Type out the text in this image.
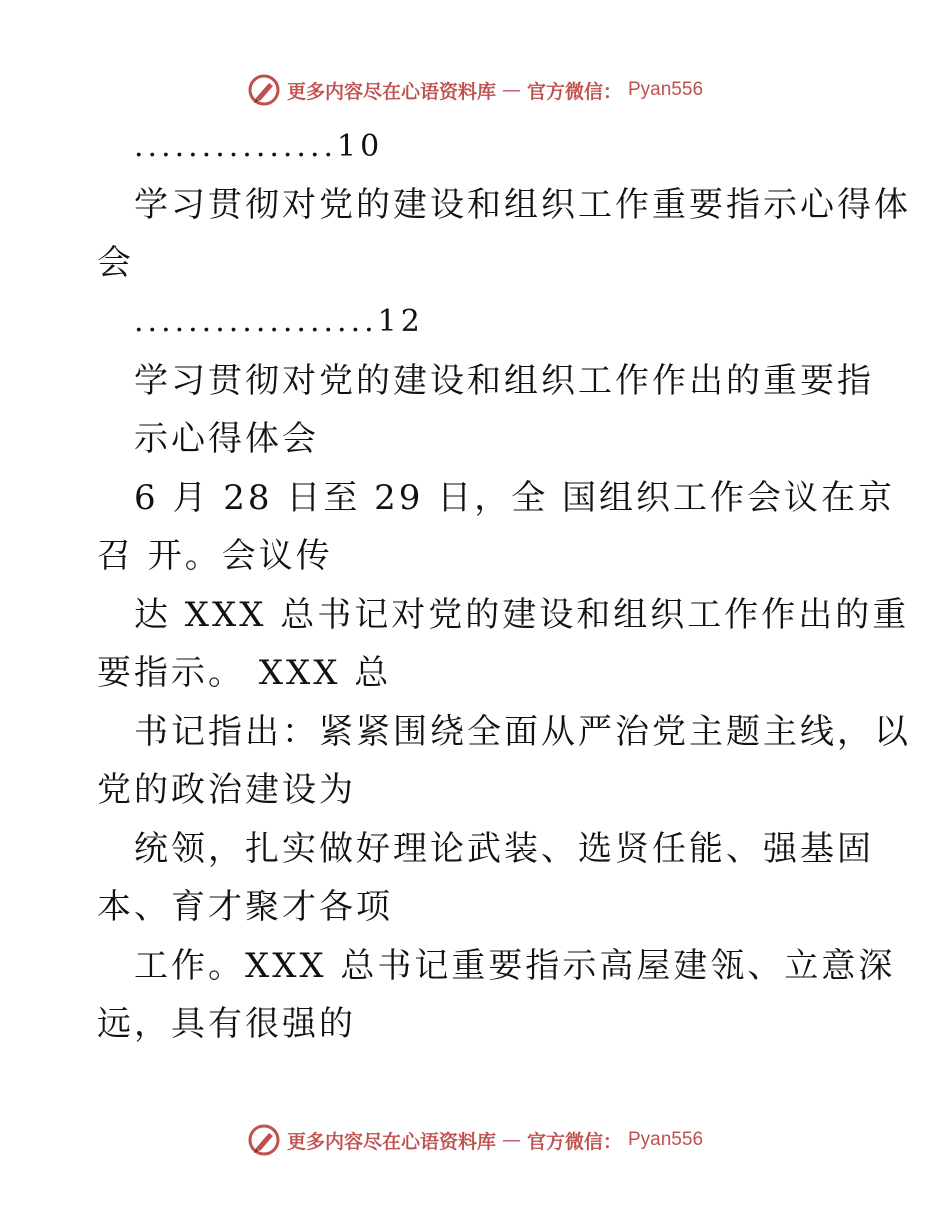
更多内容尽在心语资料库 — 官方微信： Pyan556
...............10
学习贯彻对党的建设和组织工作重要指示心得体
会
..................12
学习贯彻对党的建设和组织工作作出的重要指
示心得体会
6 月 28 日至 29 日，全 国组织工作会议在京
召 开。会议传
达 XXX 总书记对党的建设和组织工作作出的重
要指示。 XXX 总
书记指出：紧紧围绕全面从严治党主题主线，以
党的政治建设为
统领，扎实做好理论武装、选贤任能、强基固
本、育才聚才各项
工作。XXX 总书记重要指示高屋建瓴、立意深
远，具有很强的
更多内容尽在心语资料库 — 官方微信： Pyan556
